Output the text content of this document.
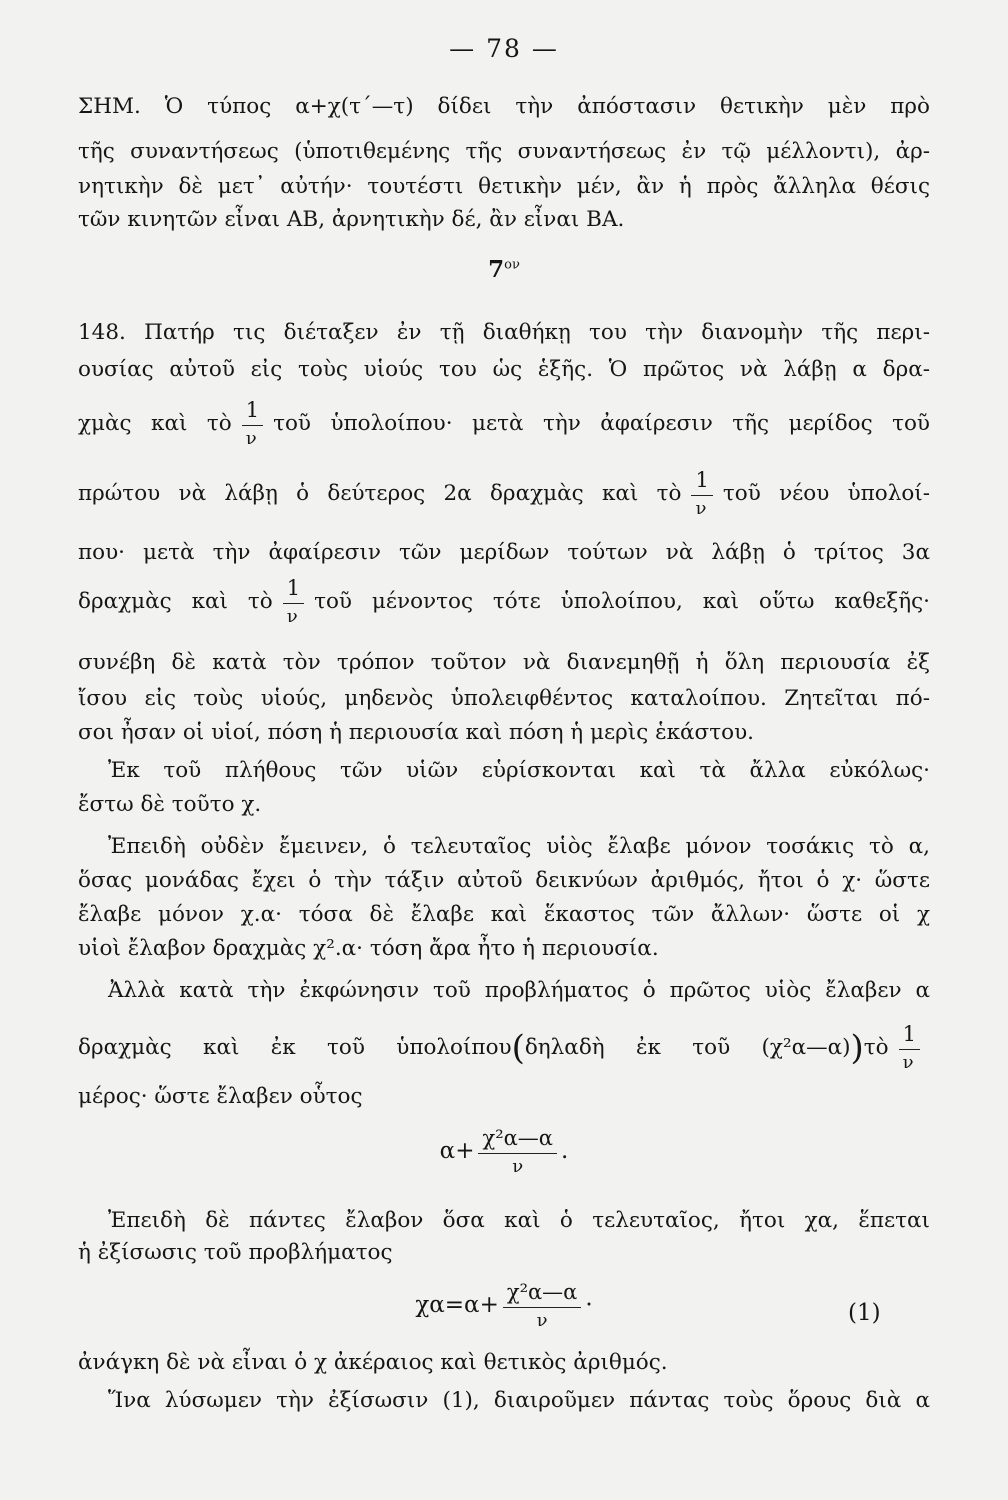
— 78 —
ΣΗΜ. Ὁ τύπος α+χ(τ΄—τ) δίδει τὴν ἀπόστασιν θετικὴν μὲν πρὸ
τῆς συναντήσεως (ὑποτιθεμένης τῆς συναντήσεως ἐν τῷ μέλλοντι), ἀρ-
νητικὴν δὲ μετ᾿ αὐτήν· τουτέστι θετικὴν μέν, ἂν ἡ πρὸς ἄλληλα θέσις
τῶν κινητῶν εἶναι ΑΒ, ἀρνητικὴν δέ, ἂν εἶναι ΒΑ.
$7^{o\nu}$
148. Πατήρ τις διέταξεν ἐν τῇ διαθήκῃ του τὴν διανομὴν τῆς περι-
ουσίας αὐτοῦ εἰς τοὺς υἱούς του ὡς ἑξῆς. Ὁ πρῶτος νὰ λάβῃ α δρα-
χμὰς καὶ τὸ $\frac{1}{\nu}$ τοῦ ὑπολοίπου· μετὰ τὴν ἀφαίρεσιν τῆς μερίδος τοῦ
πρώτου νὰ λάβῃ ὁ δεύτερος 2α δραχμὰς καὶ τὸ $\frac{1}{\nu}$ τοῦ νέου ὑπολοί-
που· μετὰ τὴν ἀφαίρεσιν τῶν μερίδων τούτων νὰ λάβῃ ὁ τρίτος 3α
δραχμὰς καὶ τὸ $\frac{1}{\nu}$ τοῦ μένοντος τότε ὑπολοίπου, καὶ οὕτω καθεξῆς·
συνέβη δὲ κατὰ τὸν τρόπον τοῦτον νὰ διανεμηθῇ ἡ ὅλη περιουσία ἐξ
ἴσου εἰς τοὺς υἱούς, μηδενὸς ὑπολειφθέντος καταλοίπου. Ζητεῖται πό-
σοι ἦσαν οἱ υἱοί, πόση ἡ περιουσία καὶ πόση ἡ μερὶς ἑκάστου.
Ἐκ τοῦ πλήθους τῶν υἱῶν εὑρίσκονται καὶ τὰ ἄλλα εὐκόλως·
ἔστω δὲ τοῦτο χ.
Ἐπειδὴ οὐδὲν ἔμεινεν, ὁ τελευταῖος υἱὸς ἔλαβε μόνον τοσάκις τὸ α,
ὅσας μονάδας ἔχει ὁ τὴν τάξιν αὐτοῦ δεικνύων ἀριθμός, ἤτοι ὁ χ· ὥστε
ἔλαβε μόνον χ.α· τόσα δὲ ἔλαβε καὶ ἕκαστος τῶν ἄλλων· ὥστε οἱ χ
υἱοὶ ἔλαβον δραχμὰς χ².α· τόση ἄρα ἦτο ἡ περιουσία.
Ἀλλὰ κατὰ τὴν ἐκφώνησιν τοῦ προβλήματος ὁ πρῶτος υἱὸς ἔλαβεν α
δραχμὰς καὶ ἐκ τοῦ ὑπολοίπου(δηλαδὴ ἐκ τοῦ (χ²α—α))τὸ $\frac{1}{\nu}$
μέρος· ὥστε ἔλαβεν οὗτος
$\alpha+ \frac{\text{χ²α—α}}{\nu}$ .
Ἐπειδὴ δὲ πάντες ἔλαβον ὅσα καὶ ὁ τελευταῖος, ἤτοι χα, ἕπεται
ἡ ἐξίσωσις τοῦ προβλήματος
$\chi\alpha=\alpha+ \frac{\text{χ²α—α}}{\nu}$ ·	(1)
ἀνάγκη δὲ νὰ εἶναι ὁ χ ἀκέραιος καὶ θετικὸς ἀριθμός.
Ἵνα λύσωμεν τὴν ἐξίσωσιν (1), διαιροῦμεν πάντας τοὺς ὅρους διὰ α
